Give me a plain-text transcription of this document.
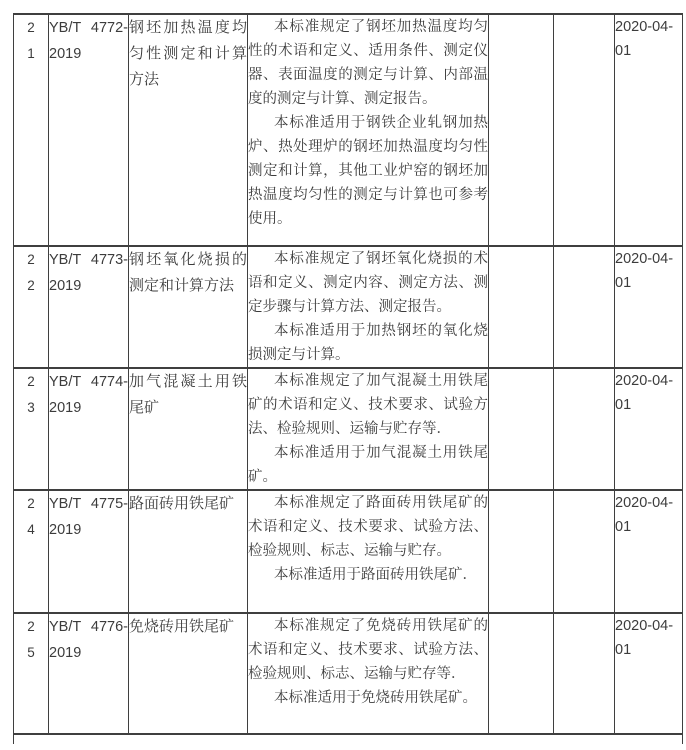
21	YB/T 4772-2019	钢坯加热温度均匀性测定和计算方法	本标准规定了钢坯加热温度均匀性的术语和定义、适用条件、测定仪器、表面温度的测定与计算、内部温度的测定与计算、测定报告。

本标准适用于钢铁企业轧钢加热炉、热处理炉的钢坯加热温度均匀性测定和计算，其他工业炉窑的钢坯加热温度均匀性的测定与计算也可参考使用。			2020-04-01
22	YB/T 4773-2019	钢坯氧化烧损的测定和计算方法	本标准规定了钢坯氧化烧损的术语和定义、测定内容、测定方法、测定步骤与计算方法、测定报告。

本标准适用于加热钢坯的氧化烧损测定与计算。			2020-04-01
23	YB/T 4774-2019	加气混凝土用铁尾矿	本标准规定了加气混凝土用铁尾矿的术语和定义、技术要求、试验方法、检验规则、运输与贮存等．

本标准适用于加气混凝土用铁尾矿。			2020-04-01
24	YB/T 4775-2019	路面砖用铁尾矿	本标准规定了路面砖用铁尾矿的术语和定义、技术要求、试验方法、检验规则、标志、运输与贮存。

本标准适用于路面砖用铁尾矿．			2020-04-01
25	YB/T 4776-2019	免烧砖用铁尾矿	本标准规定了免烧砖用铁尾矿的术语和定义、技术要求、试验方法、检验规则、标志、运输与贮存等．

本标准适用于免烧砖用铁尾矿。			2020-04-01
